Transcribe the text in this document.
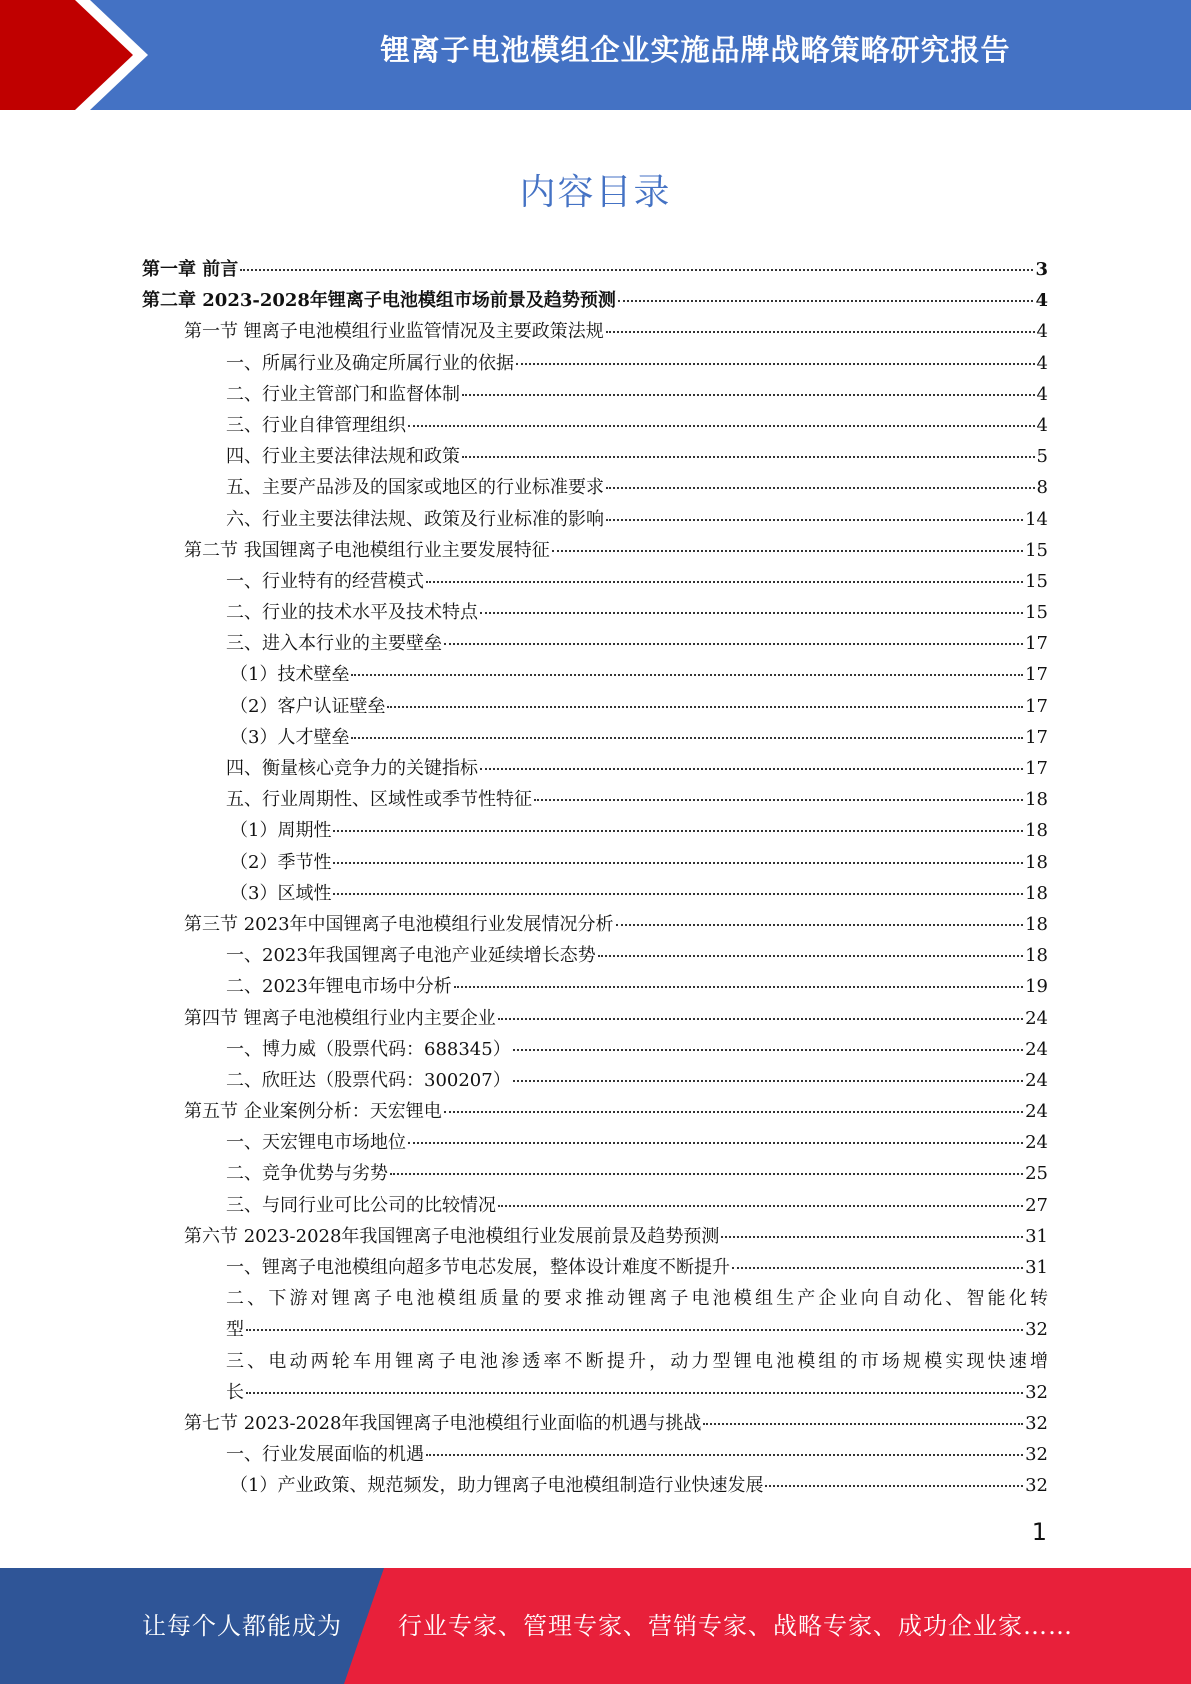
锂离子电池模组企业实施品牌战略策略研究报告
内容目录
第一章 前言	3
第二章 2023-2028年锂离子电池模组市场前景及趋势预测	4
第一节 锂离子电池模组行业监管情况及主要政策法规	4
一、所属行业及确定所属行业的依据	4
二、行业主管部门和监督体制	4
三、行业自律管理组织	4
四、行业主要法律法规和政策	5
五、主要产品涉及的国家或地区的行业标准要求	8
六、行业主要法律法规、政策及行业标准的影响	14
第二节 我国锂离子电池模组行业主要发展特征	15
一、行业特有的经营模式	15
二、行业的技术水平及技术特点	15
三、进入本行业的主要壁垒	17
（1）技术壁垒	17
（2）客户认证壁垒	17
（3）人才壁垒	17
四、衡量核心竞争力的关键指标	17
五、行业周期性、区域性或季节性特征	18
（1）周期性	18
（2）季节性	18
（3）区域性	18
第三节 2023年中国锂离子电池模组行业发展情况分析	18
一、2023年我国锂离子电池产业延续增长态势	18
二、2023年锂电市场中分析	19
第四节 锂离子电池模组行业内主要企业	24
一、博力威（股票代码：688345）	24
二、欣旺达（股票代码：300207）	24
第五节 企业案例分析：天宏锂电	24
一、天宏锂电市场地位	24
二、竞争优势与劣势	25
三、与同行业可比公司的比较情况	27
第六节 2023-2028年我国锂离子电池模组行业发展前景及趋势预测	31
一、锂离子电池模组向超多节电芯发展，整体设计难度不断提升	31
二、下游对锂离子电池模组质量的要求推动锂离子电池模组生产企业向自动化、智能化转
型	32
三、电动两轮车用锂离子电池渗透率不断提升，动力型锂电池模组的市场规模实现快速增
长	32
第七节 2023-2028年我国锂离子电池模组行业面临的机遇与挑战	32
一、行业发展面临的机遇	32
（1）产业政策、规范频发，助力锂离子电池模组制造行业快速发展	32
1
让每个人都能成为 行业专家、管理专家、营销专家、战略专家、成功企业家……
